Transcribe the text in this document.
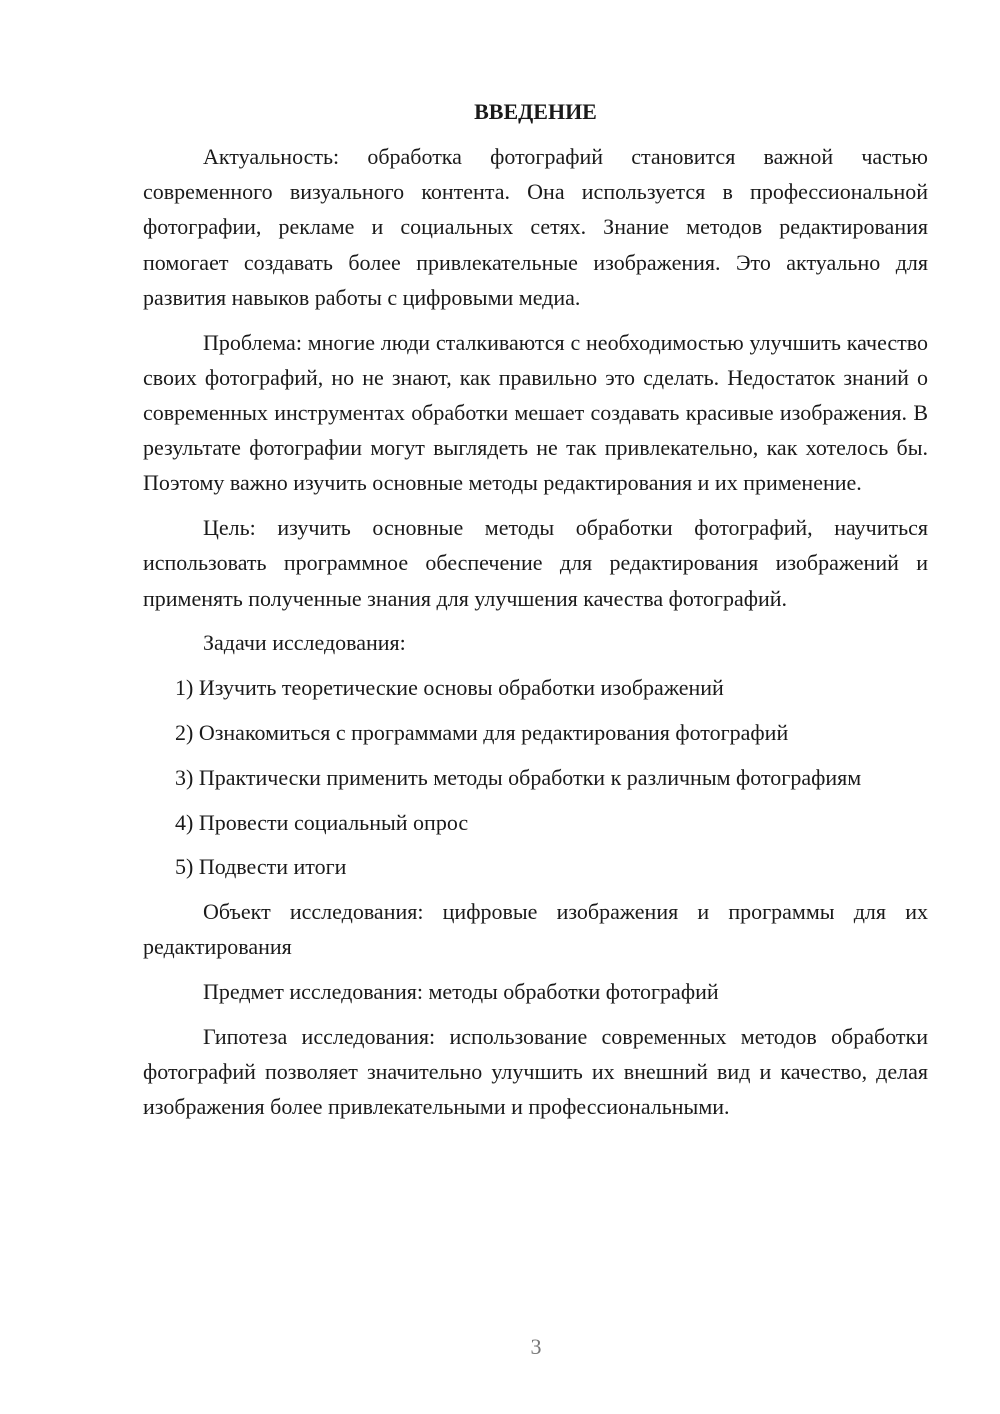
ВВЕДЕНИЕ

Актуальность: обработка фотографий становится важной частью современного визуального контента. Она используется в профессиональной фотографии, рекламе и социальных сетях. Знание методов редактирования помогает создавать более привлекательные изображения. Это актуально для развития навыков работы с цифровыми медиа.

Проблема: многие люди сталкиваются с необходимостью улучшить качество своих фотографий, но не знают, как правильно это сделать. Недостаток знаний о современных инструментах обработки мешает создавать красивые изображения. В результате фотографии могут выглядеть не так привлекательно, как хотелось бы. Поэтому важно изучить основные методы редактирования и их применение.

Цель: изучить основные методы обработки фотографий, научиться использовать программное обеспечение для редактирования изображений и применять полученные знания для улучшения качества фотографий.

Задачи исследования:

1) Изучить теоретические основы обработки изображений

2) Ознакомиться с программами для редактирования фотографий

3) Практически применить методы обработки к различным фотографиям

4) Провести социальный опрос

5) Подвести итоги

Объект исследования: цифровые изображения и программы для их редактирования

Предмет исследования: методы обработки фотографий

Гипотеза исследования: использование современных методов обработки фотографий позволяет значительно улучшить их внешний вид и качество, делая изображения более привлекательными и профессиональными.

3
